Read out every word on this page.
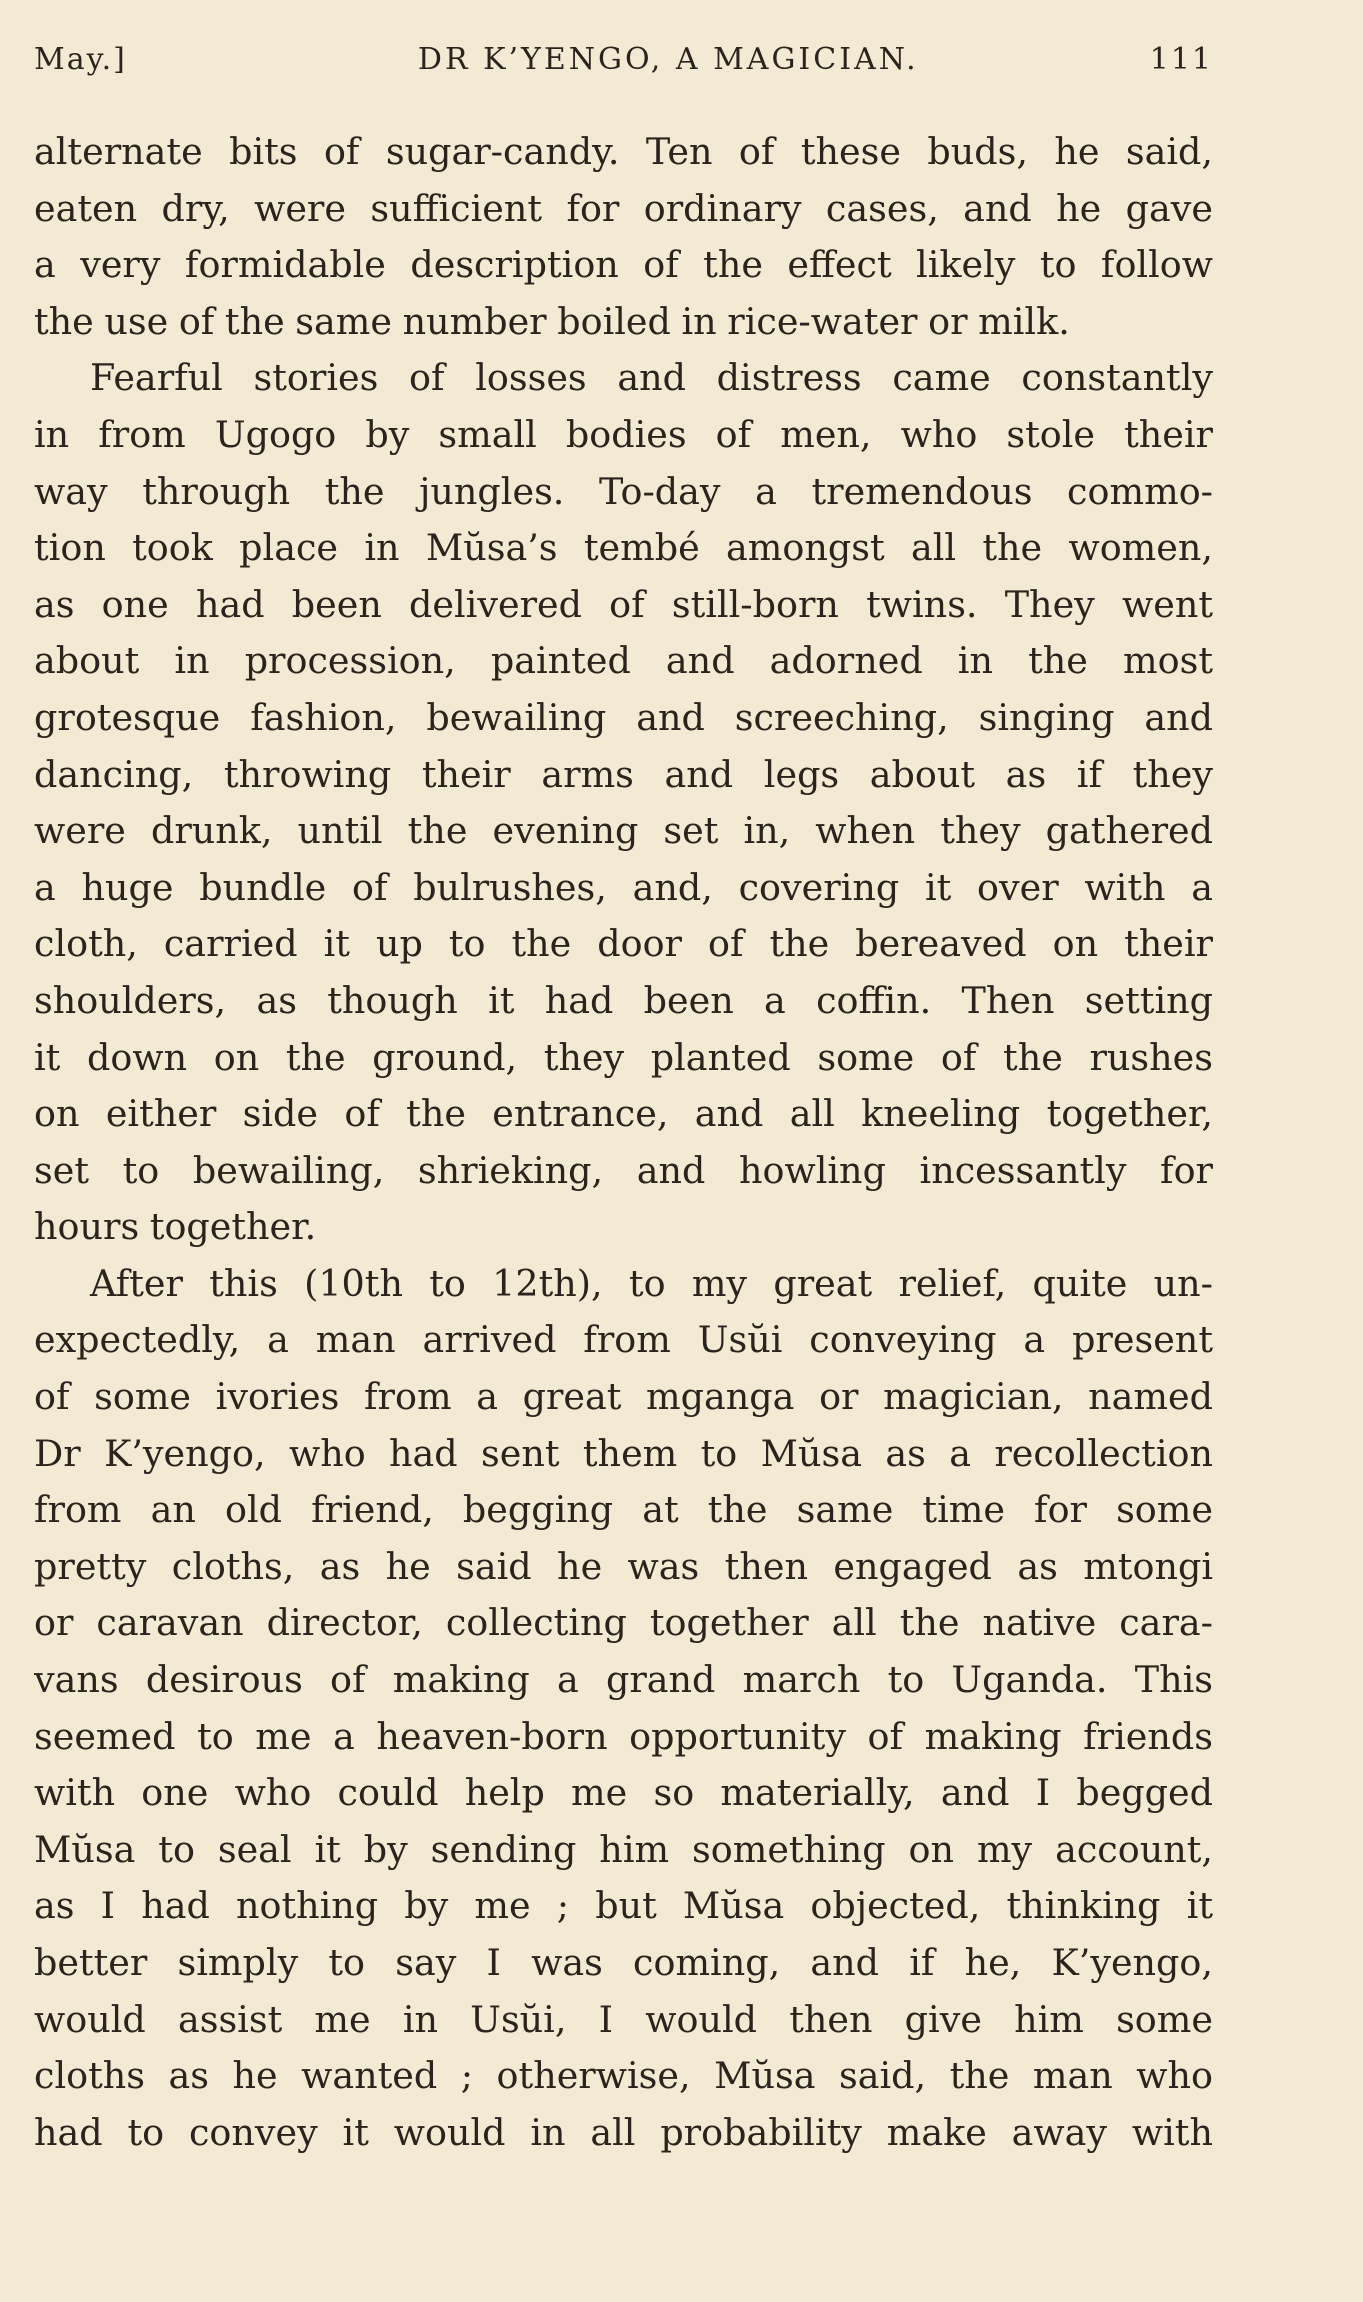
May.]	DR K’YENGO, A MAGICIAN.	111
alternate bits of sugar-candy. Ten of these buds, he said,
eaten dry, were sufficient for ordinary cases, and he gave
a very formidable description of the effect likely to follow
the use of the same number boiled in rice-water or milk.
Fearful stories of losses and distress came constantly
in from Ugogo by small bodies of men, who stole their
way through the jungles. To-day a tremendous commo-
tion took place in Mŭsa’s tembé amongst all the women,
as one had been delivered of still-born twins. They went
about in procession, painted and adorned in the most
grotesque fashion, bewailing and screeching, singing and
dancing, throwing their arms and legs about as if they
were drunk, until the evening set in, when they gathered
a huge bundle of bulrushes, and, covering it over with a
cloth, carried it up to the door of the bereaved on their
shoulders, as though it had been a coffin. Then setting
it down on the ground, they planted some of the rushes
on either side of the entrance, and all kneeling together,
set to bewailing, shrieking, and howling incessantly for
hours together.
After this (10th to 12th), to my great relief, quite un-
expectedly, a man arrived from Usŭi conveying a present
of some ivories from a great mganga or magician, named
Dr K’yengo, who had sent them to Mŭsa as a recollection
from an old friend, begging at the same time for some
pretty cloths, as he said he was then engaged as mtongi
or caravan director, collecting together all the native cara-
vans desirous of making a grand march to Uganda. This
seemed to me a heaven-born opportunity of making friends
with one who could help me so materially, and I begged
Mŭsa to seal it by sending him something on my account,
as I had nothing by me ; but Mŭsa objected, thinking it
better simply to say I was coming, and if he, K’yengo,
would assist me in Usŭi, I would then give him some
cloths as he wanted ; otherwise, Mŭsa said, the man who
had to convey it would in all probability make away with
